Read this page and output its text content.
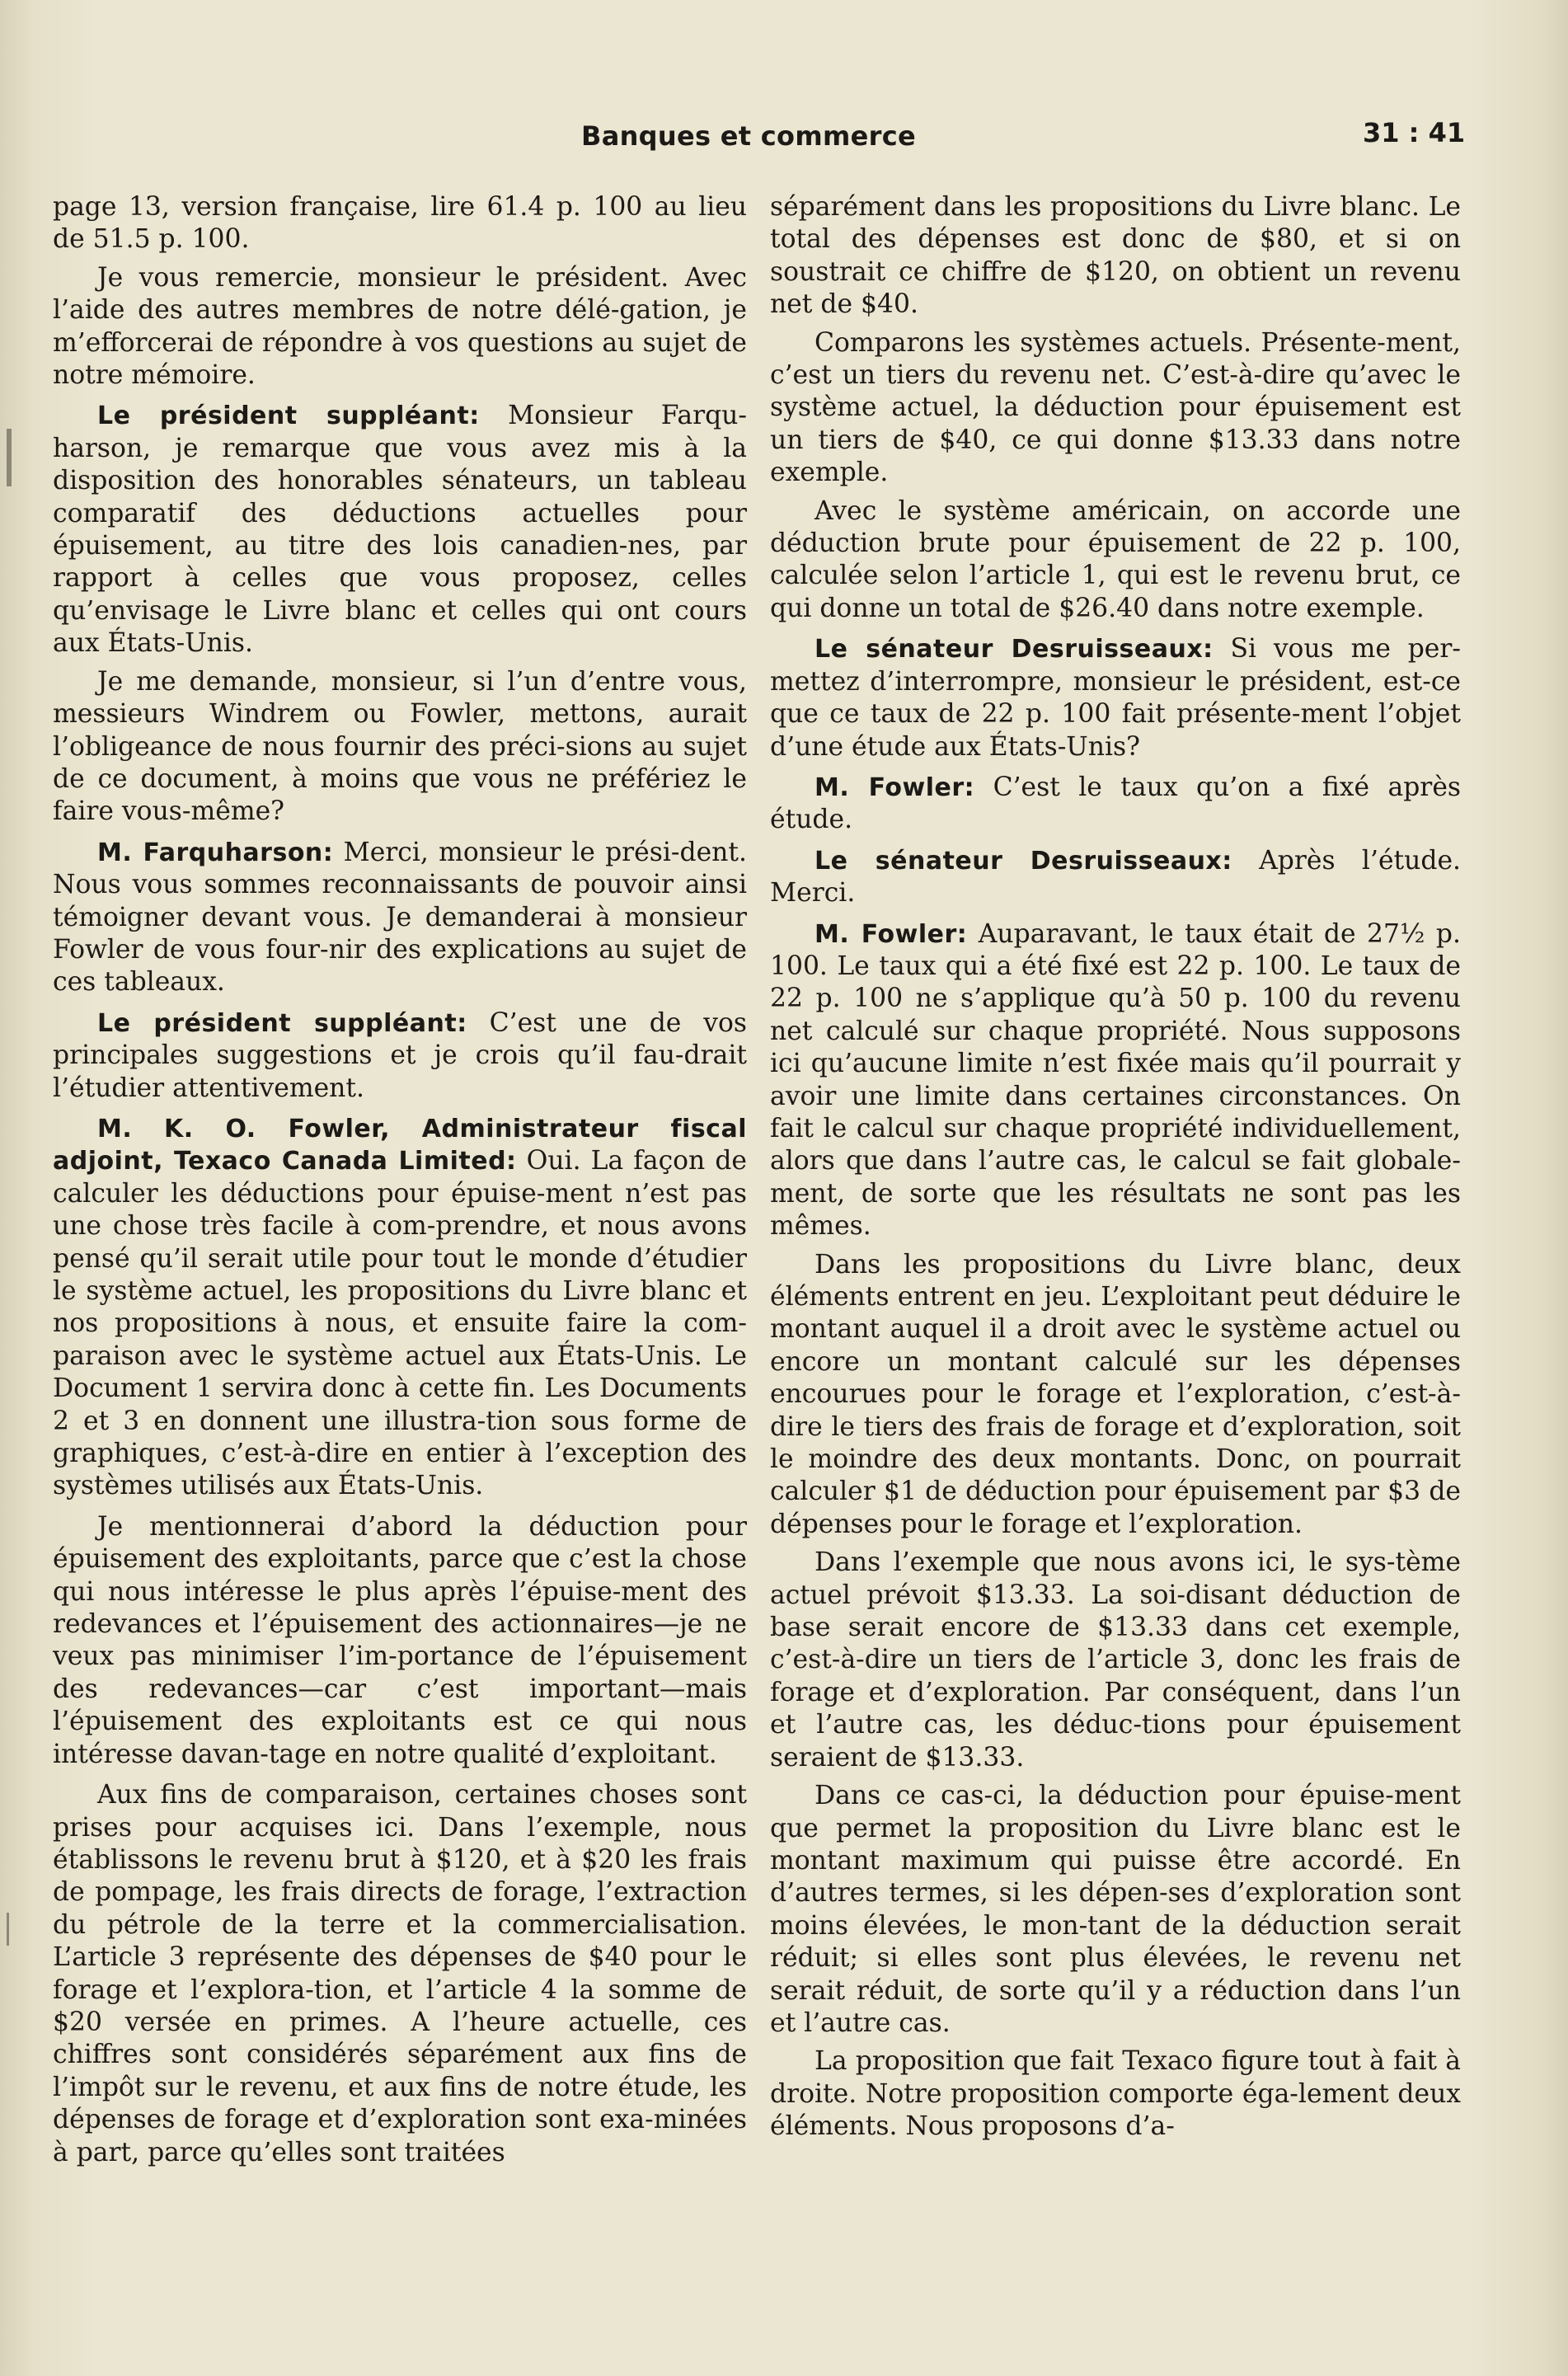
Banques et commerce	31 : 41

page 13, version française, lire 61.4 p. 100 au lieu de 51.5 p. 100.

Je vous remercie, monsieur le président. Avec l’aide des autres membres de notre délé-gation, je m’efforcerai de répondre à vos questions au sujet de notre mémoire.

Le président suppléant: Monsieur Farqu-harson, je remarque que vous avez mis à la disposition des honorables sénateurs, un tableau comparatif des déductions actuelles pour épuisement, au titre des lois canadien-nes, par rapport à celles que vous proposez, celles qu’envisage le Livre blanc et celles qui ont cours aux États-Unis.

Je me demande, monsieur, si l’un d’entre vous, messieurs Windrem ou Fowler, mettons, aurait l’obligeance de nous fournir des préci-sions au sujet de ce document, à moins que vous ne préfériez le faire vous-même?

M. Farquharson: Merci, monsieur le prési-dent. Nous vous sommes reconnaissants de pouvoir ainsi témoigner devant vous. Je demanderai à monsieur Fowler de vous four-nir des explications au sujet de ces tableaux.

Le président suppléant: C’est une de vos principales suggestions et je crois qu’il fau-drait l’étudier attentivement.

M. K. O. Fowler, Administrateur fiscal adjoint, Texaco Canada Limited: Oui. La façon de calculer les déductions pour épuise-ment n’est pas une chose très facile à com-prendre, et nous avons pensé qu’il serait utile pour tout le monde d’étudier le système actuel, les propositions du Livre blanc et nos propositions à nous, et ensuite faire la com-paraison avec le système actuel aux États-Unis. Le Document 1 servira donc à cette fin. Les Documents 2 et 3 en donnent une illustra-tion sous forme de graphiques, c’est-à-dire en entier à l’exception des systèmes utilisés aux États-Unis.

Je mentionnerai d’abord la déduction pour épuisement des exploitants, parce que c’est la chose qui nous intéresse le plus après l’épuise-ment des redevances et l’épuisement des actionnaires—je ne veux pas minimiser l’im-portance de l’épuisement des redevances—car c’est important—mais l’épuisement des exploitants est ce qui nous intéresse davan-tage en notre qualité d’exploitant.

Aux fins de comparaison, certaines choses sont prises pour acquises ici. Dans l’exemple, nous établissons le revenu brut à $120, et à $20 les frais de pompage, les frais directs de forage, l’extraction du pétrole de la terre et la commercialisation. L’article 3 représente des dépenses de $40 pour le forage et l’explora-tion, et l’article 4 la somme de $20 versée en primes. A l’heure actuelle, ces chiffres sont considérés séparément aux fins de l’impôt sur le revenu, et aux fins de notre étude, les dépenses de forage et d’exploration sont exa-minées à part, parce qu’elles sont traitées

séparément dans les propositions du Livre blanc. Le total des dépenses est donc de $80, et si on soustrait ce chiffre de $120, on obtient un revenu net de $40.

Comparons les systèmes actuels. Présente-ment, c’est un tiers du revenu net. C’est-à-dire qu’avec le système actuel, la déduction pour épuisement est un tiers de $40, ce qui donne $13.33 dans notre exemple.

Avec le système américain, on accorde une déduction brute pour épuisement de 22 p. 100, calculée selon l’article 1, qui est le revenu brut, ce qui donne un total de $26.40 dans notre exemple.

Le sénateur Desruisseaux: Si vous me per-mettez d’interrompre, monsieur le président, est-ce que ce taux de 22 p. 100 fait présente-ment l’objet d’une étude aux États-Unis?

M. Fowler: C’est le taux qu’on a fixé après étude.

Le sénateur Desruisseaux: Après l’étude. Merci.

M. Fowler: Auparavant, le taux était de 27½ p. 100. Le taux qui a été fixé est 22 p. 100. Le taux de 22 p. 100 ne s’applique qu’à 50 p. 100 du revenu net calculé sur chaque propriété. Nous supposons ici qu’aucune limite n’est fixée mais qu’il pourrait y avoir une limite dans certaines circonstances. On fait le calcul sur chaque propriété individuellement, alors que dans l’autre cas, le calcul se fait globale-ment, de sorte que les résultats ne sont pas les mêmes.

Dans les propositions du Livre blanc, deux éléments entrent en jeu. L’exploitant peut déduire le montant auquel il a droit avec le système actuel ou encore un montant calculé sur les dépenses encourues pour le forage et l’exploration, c’est-à-dire le tiers des frais de forage et d’exploration, soit le moindre des deux montants. Donc, on pourrait calculer $1 de déduction pour épuisement par $3 de dépenses pour le forage et l’exploration.

Dans l’exemple que nous avons ici, le sys-tème actuel prévoit $13.33. La soi-disant déduction de base serait encore de $13.33 dans cet exemple, c’est-à-dire un tiers de l’article 3, donc les frais de forage et d’exploration. Par conséquent, dans l’un et l’autre cas, les déduc-tions pour épuisement seraient de $13.33.

Dans ce cas-ci, la déduction pour épuise-ment que permet la proposition du Livre blanc est le montant maximum qui puisse être accordé. En d’autres termes, si les dépen-ses d’exploration sont moins élevées, le mon-tant de la déduction serait réduit; si elles sont plus élevées, le revenu net serait réduit, de sorte qu’il y a réduction dans l’un et l’autre cas.

La proposition que fait Texaco figure tout à fait à droite. Notre proposition comporte éga-lement deux éléments. Nous proposons d’a-
